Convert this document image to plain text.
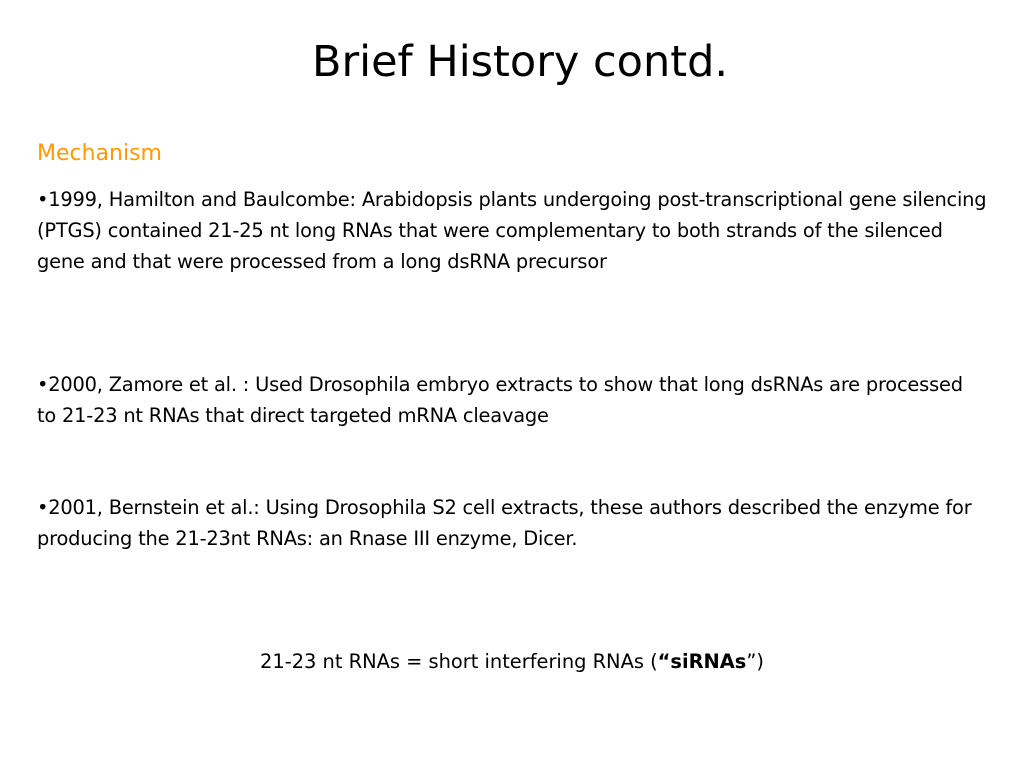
Brief History contd.
Mechanism
•1999, Hamilton and Baulcombe: Arabidopsis plants undergoing post-transcriptional gene silencing (PTGS) contained 21-25 nt long RNAs that were complementary to both strands of the silenced gene and that were processed from a long dsRNA precursor
•2000, Zamore et al. : Used Drosophila embryo extracts to show that long dsRNAs are processed to 21-23 nt RNAs that direct targeted mRNA cleavage
•2001, Bernstein et al.: Using Drosophila S2 cell extracts, these authors described the enzyme for producing the 21-23nt RNAs: an Rnase III enzyme, Dicer.
21-23 nt RNAs = short interfering RNAs (“siRNAs”)
